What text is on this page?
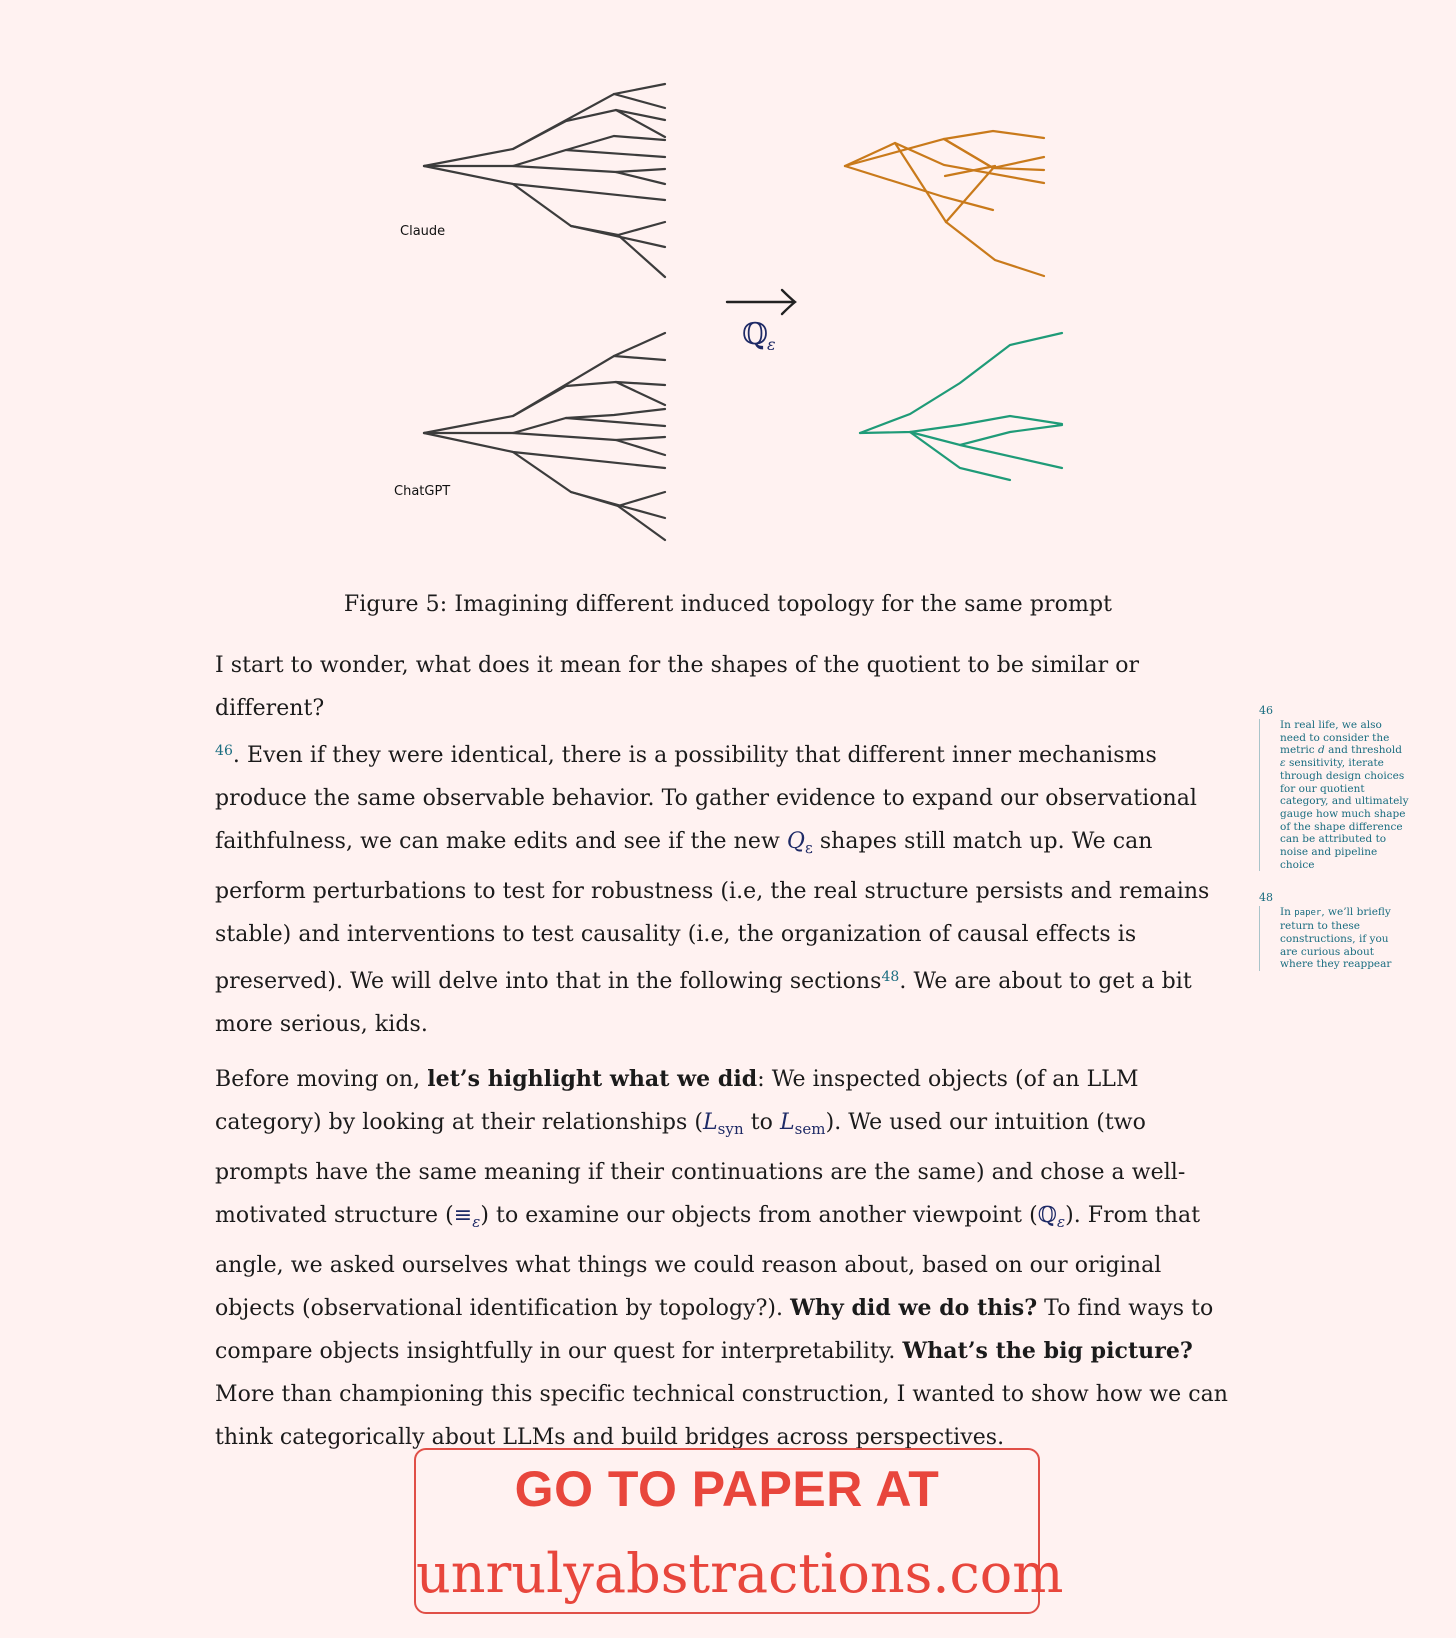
Claude
ChatGPT
ℚ
ε
Figure 5: Imagining different induced topology for the same prompt

I start to wonder, what does it mean for the shapes of the quotient to be similar or different?
$^{46}$. Even if they were identical, there is a possibility that different inner mechanisms produce the same observable behavior. To gather evidence to expand our observational faithfulness, we can make edits and see if the new $Q_\varepsilon$ shapes still match up. We can perform perturbations to test for robustness (i.e, the real structure persists and remains stable) and interventions to test causality (i.e, the organization of causal effects is preserved). We will delve into that in the following sections$^{48}$. We are about to get a bit more serious, kids.

Before moving on, let’s highlight what we did: We inspected objects (of an LLM category) by looking at their relationships ($L_{syn}$ to $L_{sem}$). We used our intuition (two prompts have the same meaning if their continuations are the same) and chose a well-motivated structure $(\equiv_\varepsilon)$ to examine our objects from another viewpoint (ℚ$_\varepsilon$). From that angle, we asked ourselves what things we could reason about, based on our original objects (observational identification by topology?). Why did we do this? To find ways to compare objects insightfully in our quest for interpretability. What’s the big picture? More than championing this specific technical construction, I wanted to show how we can think categorically about LLMs and build bridges across perspectives.

46
In real life, we also need to consider the metric d and threshold ε sensitivity, iterate through design choices for our quotient category, and ultimately gauge how much shape of the shape difference can be attributed to noise and pipeline choice
48
In paper, we’ll briefly return to these constructions, if you are curious about where they reappear
GO TO PAPER AT
unrulyabstractions.com
